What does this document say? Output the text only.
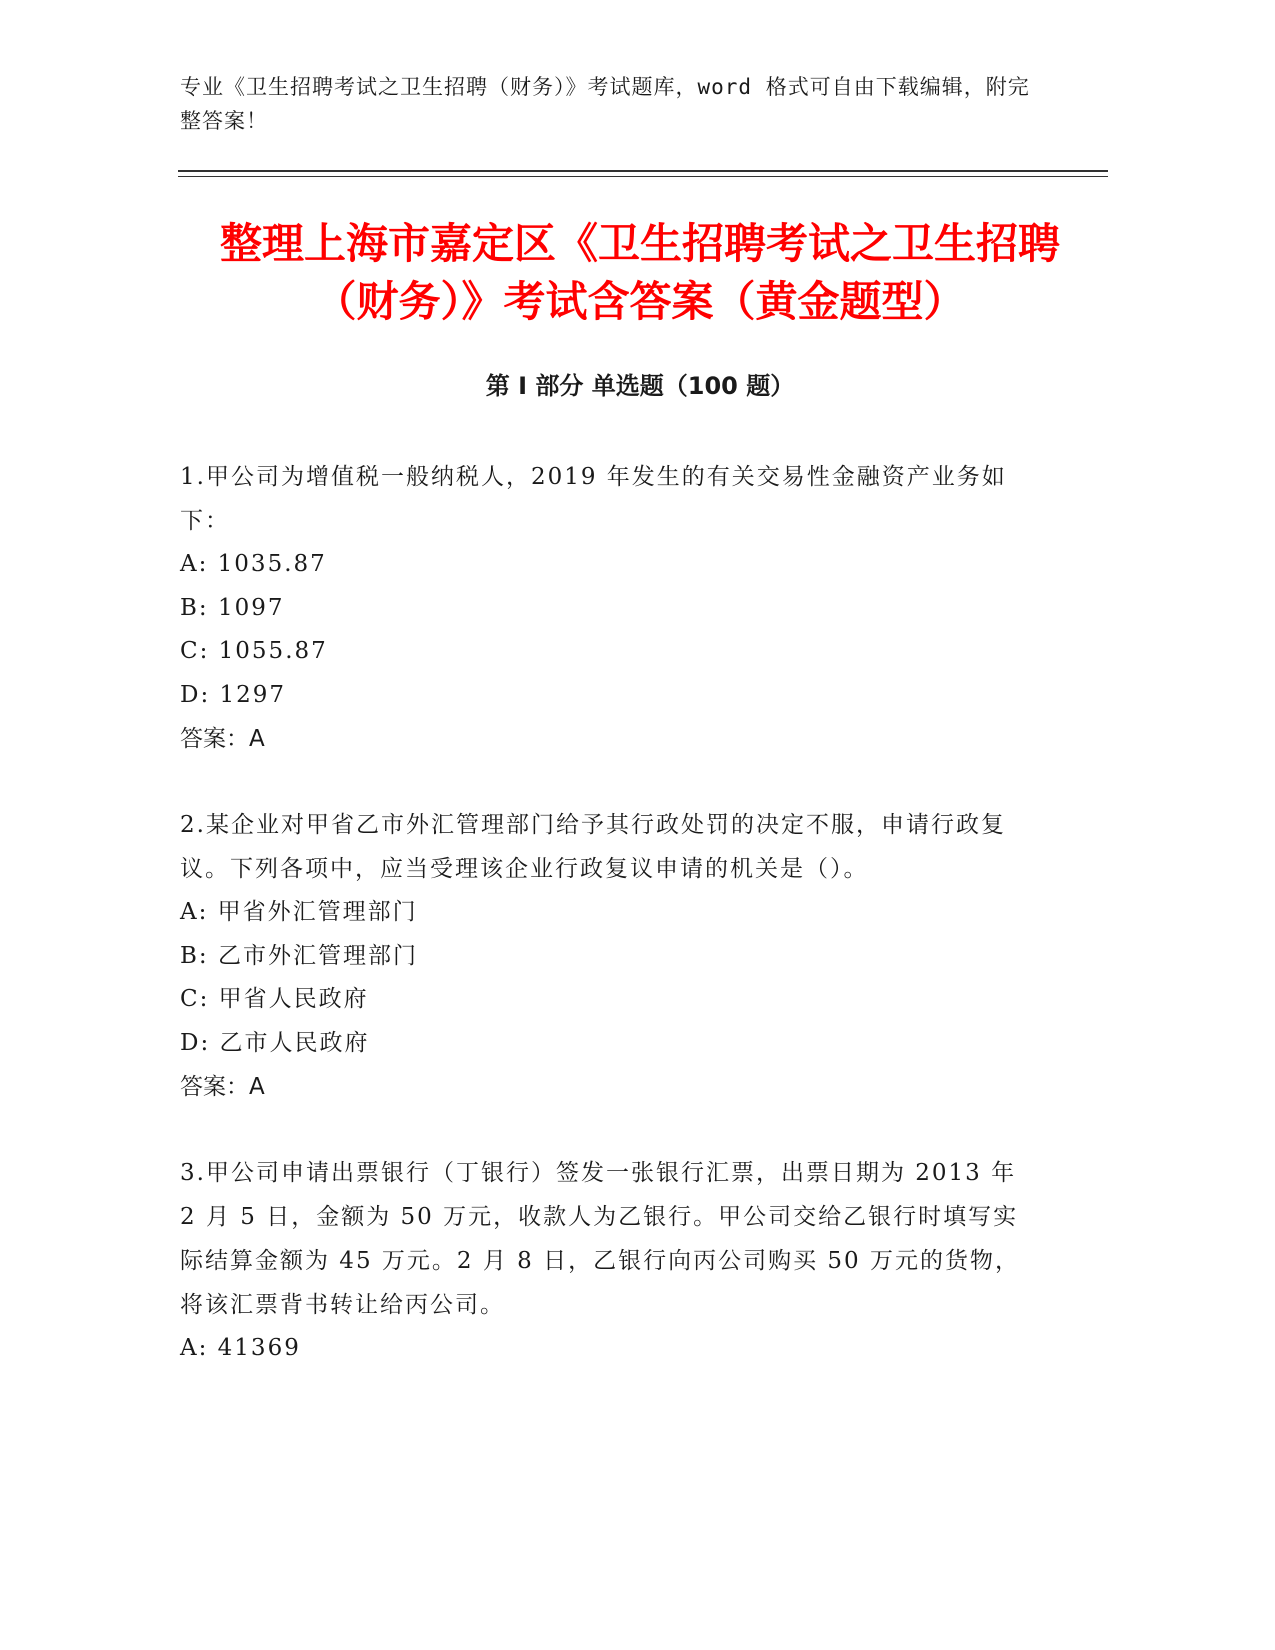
专业《卫生招聘考试之卫生招聘（财务）》考试题库，word 格式可自由下载编辑，附完整答案！
整理上海市嘉定区《卫生招聘考试之卫生招聘（财务）》考试含答案（黄金题型）
第 I 部分 单选题（100 题）

1.甲公司为增值税一般纳税人，2019 年发生的有关交易性金融资产业务如下：

A: 1035.87

B: 1097

C: 1055.87

D: 1297

答案：A

2.某企业对甲省乙市外汇管理部门给予其行政处罚的决定不服，申请行政复议。下列各项中，应当受理该企业行政复议申请的机关是（）。

A: 甲省外汇管理部门

B: 乙市外汇管理部门

C: 甲省人民政府

D: 乙市人民政府

答案：A

3.甲公司申请出票银行（丁银行）签发一张银行汇票，出票日期为 2013 年 2 月 5 日，金额为 50 万元，收款人为乙银行。甲公司交给乙银行时填写实际结算金额为 45 万元。2 月 8 日，乙银行向丙公司购买 50 万元的货物，将该汇票背书转让给丙公司。

A: 41369
